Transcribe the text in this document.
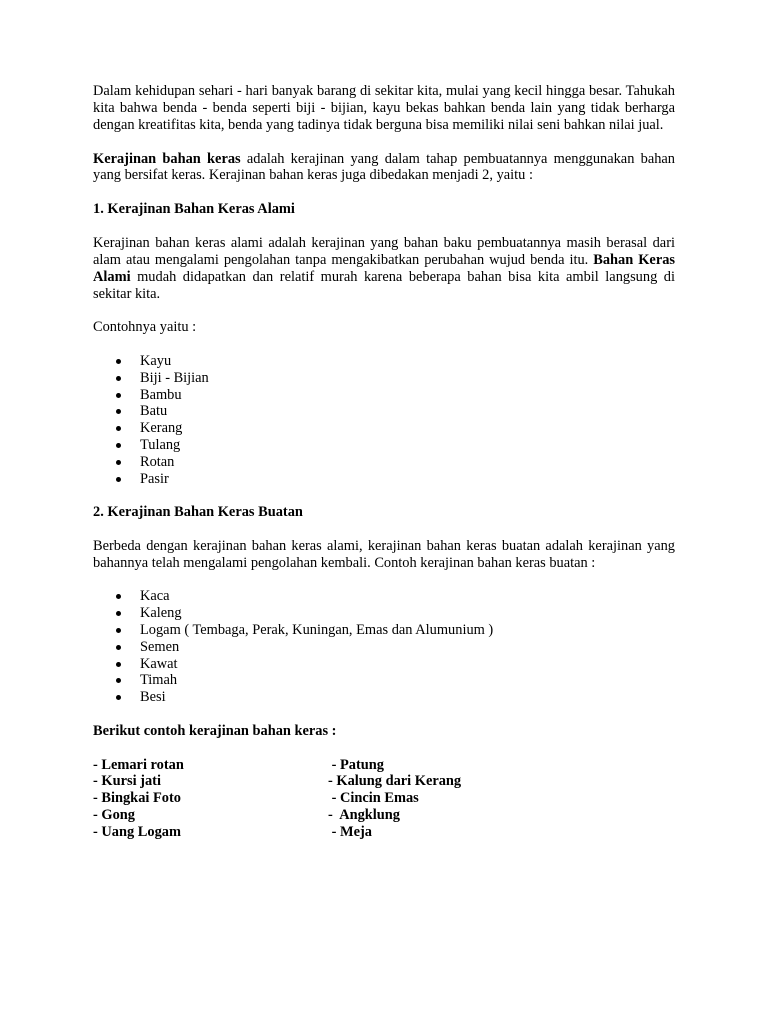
Dalam kehidupan sehari - hari banyak barang di sekitar kita, mulai yang kecil hingga besar. Tahukah kita bahwa benda - benda seperti biji - bijian, kayu bekas bahkan benda lain yang tidak berharga dengan kreatifitas kita, benda yang tadinya tidak berguna bisa memiliki nilai seni bahkan nilai jual.

Kerajinan bahan keras adalah kerajinan yang dalam tahap pembuatannya menggunakan bahan yang bersifat keras. Kerajinan bahan keras juga dibedakan menjadi 2, yaitu :

1. Kerajinan Bahan Keras Alami

Kerajinan bahan keras alami adalah kerajinan yang bahan baku pembuatannya masih berasal dari alam atau mengalami pengolahan tanpa mengakibatkan perubahan wujud benda itu. Bahan Keras Alami mudah didapatkan dan relatif murah karena beberapa bahan bisa kita ambil langsung di sekitar kita.

Contohnya yaitu :

Kayu
Biji - Bijian
Bambu
Batu
Kerang
Tulang
Rotan
Pasir

2. Kerajinan Bahan Keras Buatan

Berbeda dengan kerajinan bahan keras alami, kerajinan bahan keras buatan adalah kerajinan yang bahannya telah mengalami pengolahan kembali. Contoh kerajinan bahan keras buatan :

Kaca
Kaleng
Logam ( Tembaga, Perak, Kuningan, Emas dan Alumunium )
Semen
Kawat
Timah
Besi

Berikut contoh kerajinan bahan keras :

- Lemari rotan	- Patung
- Kursi jati	- Kalung dari Kerang
- Bingkai Foto	- Cincin Emas
- Gong	-  Angklung
- Uang Logam	- Meja
